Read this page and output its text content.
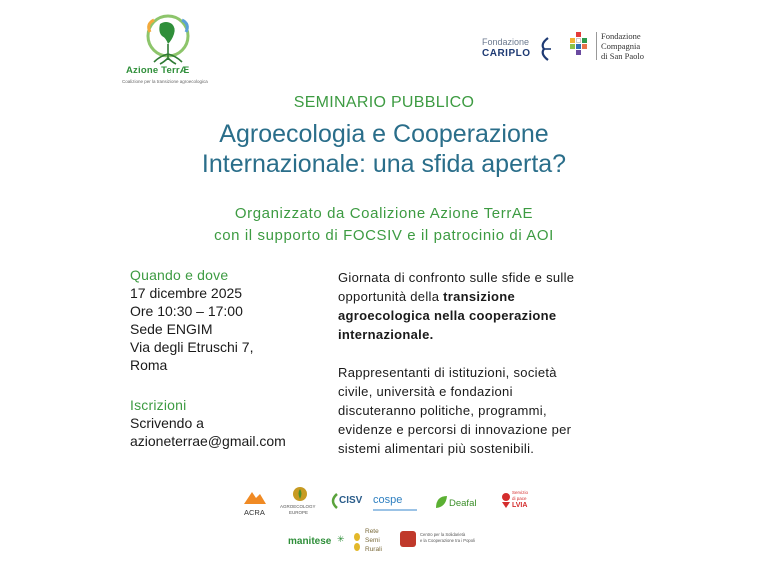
Azione TerrÆ
Coalizione per la transizione agroecologica
Fondazione
CARIPLO
Fondazione
Compagnia
di San Paolo
SEMINARIO PUBBLICO
Agroecologia e Cooperazione
Internazionale: una sfida aperta?
Organizzato da Coalizione Azione TerrAE
con il supporto di FOCSIV e il patrocinio di AOI
Quando e dove
17 dicembre 2025
Ore 10:30 – 17:00
Sede ENGIM
Via degli Etruschi 7,
Roma
Iscrizioni
Scrivendo a
azioneterrae@gmail.com
Giornata di confronto sulle sfide e sulle
opportunità della transizione
agroecologica nella cooperazione
internazionale.
Rappresentanti di istituzioni, società
civile, università e fondazioni
discuteranno politiche, programmi,
evidenze e percorsi di innovazione per
sistemi alimentari più sostenibili.
ACRA
AGROECOLOGY
EUROPE
CISV cospe	Deafal
Servizio
di pace
LVIA
manitese ✳
Rete
Semi
Rurali
Centro per la Solidarietà
e la Cooperazione tra i Popoli
